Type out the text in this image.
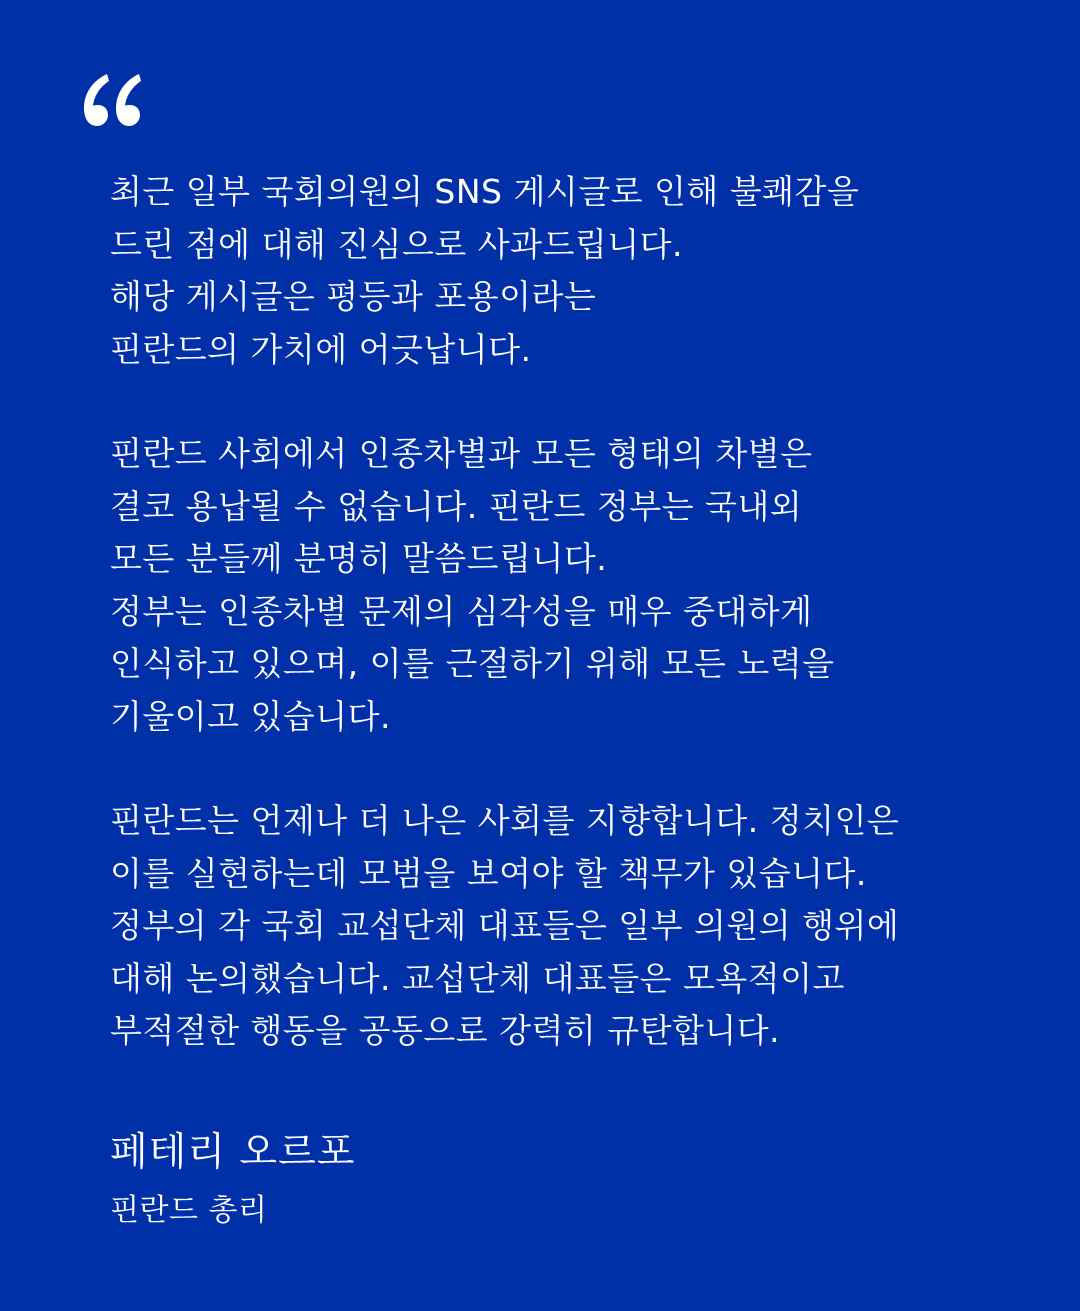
최근 일부 국회의원의 SNS 게시글로 인해 불쾌감을
드린 점에 대해 진심으로 사과드립니다.
해당 게시글은 평등과 포용이라는
핀란드의 가치에 어긋납니다.

핀란드 사회에서 인종차별과 모든 형태의 차별은
결코 용납될 수 없습니다. 핀란드 정부는 국내외
모든 분들께 분명히 말씀드립니다.
정부는 인종차별 문제의 심각성을 매우 중대하게
인식하고 있으며, 이를 근절하기 위해 모든 노력을
기울이고 있습니다.

핀란드는 언제나 더 나은 사회를 지향합니다. 정치인은
이를 실현하는데 모범을 보여야 할 책무가 있습니다.
정부의 각 국회 교섭단체 대표들은 일부 의원의 행위에
대해 논의했습니다. 교섭단체 대표들은 모욕적이고
부적절한 행동을 공동으로 강력히 규탄합니다.

페테리 오르포
핀란드 총리
